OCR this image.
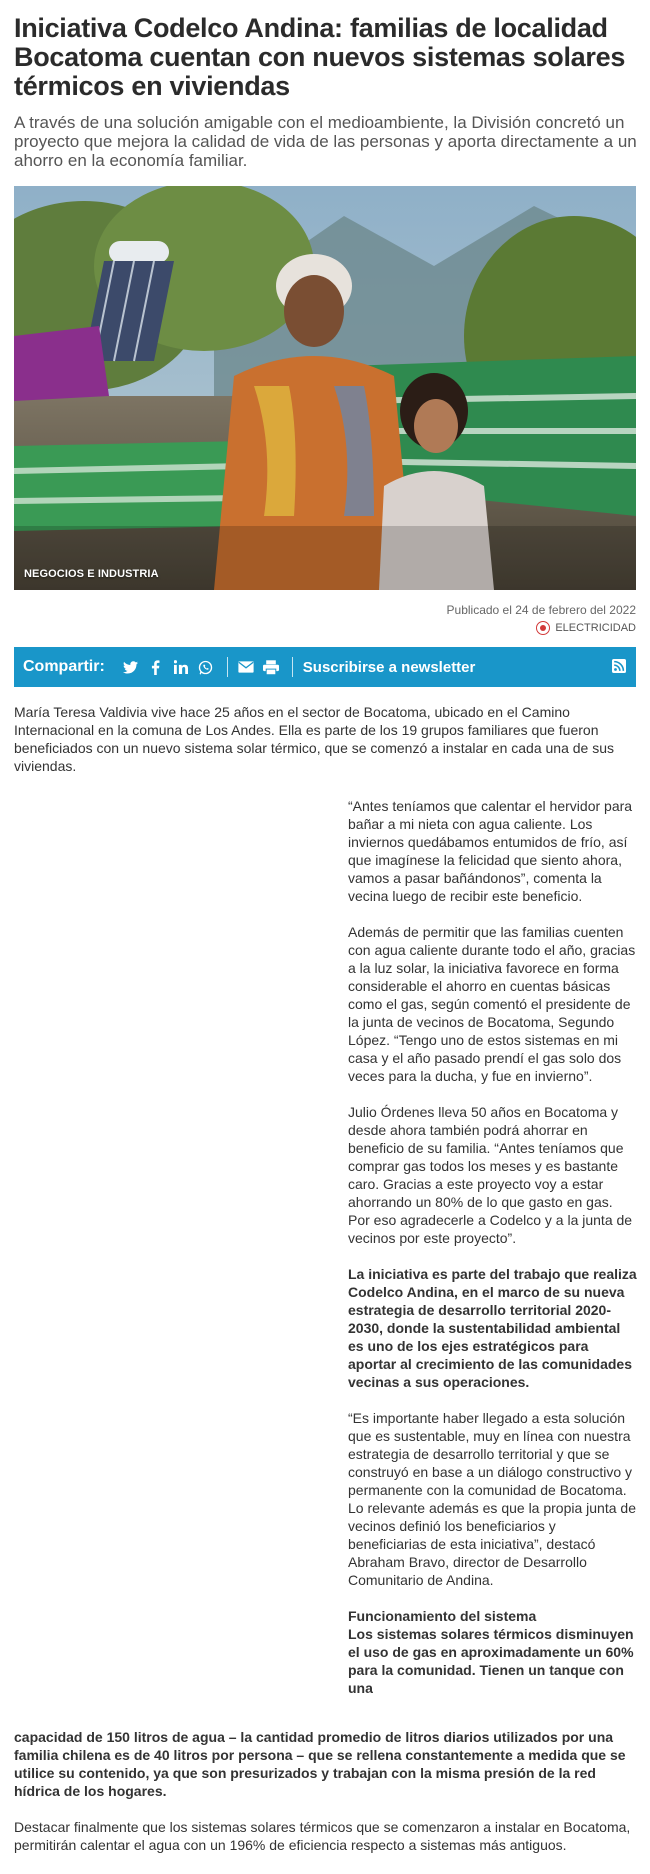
Iniciativa Codelco Andina: familias de localidad Bocatoma cuentan con nuevos sistemas solares térmicos en viviendas

A través de una solución amigable con el medioambiente, la División concretó un proyecto que mejora la calidad de vida de las personas y aporta directamente a un ahorro en la economía familiar.

NEGOCIOS E INDUSTRIA
Publicado el 24 de febrero del 2022
ELECTRICIDAD
Compartir:	Suscribirse a newsletter

María Teresa Valdivia vive hace 25 años en el sector de Bocatoma, ubicado en el Camino Internacional en la comuna de Los Andes. Ella es parte de los 19 grupos familiares que fueron beneficiados con un nuevo sistema solar térmico, que se comenzó a instalar en cada una de sus viviendas.

“Antes teníamos que calentar el hervidor para bañar a mi nieta con agua caliente. Los inviernos quedábamos entumidos de frío, así que imagínese la felicidad que siento ahora, vamos a pasar bañándonos”, comenta la vecina luego de recibir este beneficio.

Además de permitir que las familias cuenten con agua caliente durante todo el año, gracias a la luz solar, la iniciativa favorece en forma considerable el ahorro en cuentas básicas como el gas, según comentó el presidente de la junta de vecinos de Bocatoma, Segundo López. “Tengo uno de estos sistemas en mi casa y el año pasado prendí el gas solo dos veces para la ducha, y fue en invierno”.

Julio Órdenes lleva 50 años en Bocatoma y desde ahora también podrá ahorrar en beneficio de su familia. “Antes teníamos que comprar gas todos los meses y es bastante caro. Gracias a este proyecto voy a estar ahorrando un 80% de lo que gasto en gas. Por eso agradecerle a Codelco y a la junta de vecinos por este proyecto”.

La iniciativa es parte del trabajo que realiza Codelco Andina, en el marco de su nueva estrategia de desarrollo territorial 2020-2030, donde la sustentabilidad ambiental es uno de los ejes estratégicos para aportar al crecimiento de las comunidades vecinas a sus operaciones.

“Es importante haber llegado a esta solución que es sustentable, muy en línea con nuestra estrategia de desarrollo territorial y que se construyó en base a un diálogo constructivo y permanente con la comunidad de Bocatoma. Lo relevante además es que la propia junta de vecinos definió los beneficiarios y beneficiarias de esta iniciativa”, destacó Abraham Bravo, director de Desarrollo Comunitario de Andina.

Funcionamiento del sistema
Los sistemas solares térmicos disminuyen el uso de gas en aproximadamente un 60% para la comunidad. Tienen un tanque con una

capacidad de 150 litros de agua – la cantidad promedio de litros diarios utilizados por una familia chilena es de 40 litros por persona – que se rellena constantemente a medida que se utilice su contenido, ya que son presurizados y trabajan con la misma presión de la red hídrica de los hogares.

Destacar finalmente que los sistemas solares térmicos que se comenzaron a instalar en Bocatoma, permitirán calentar el agua con un 196% de eficiencia respecto a sistemas más antiguos.
